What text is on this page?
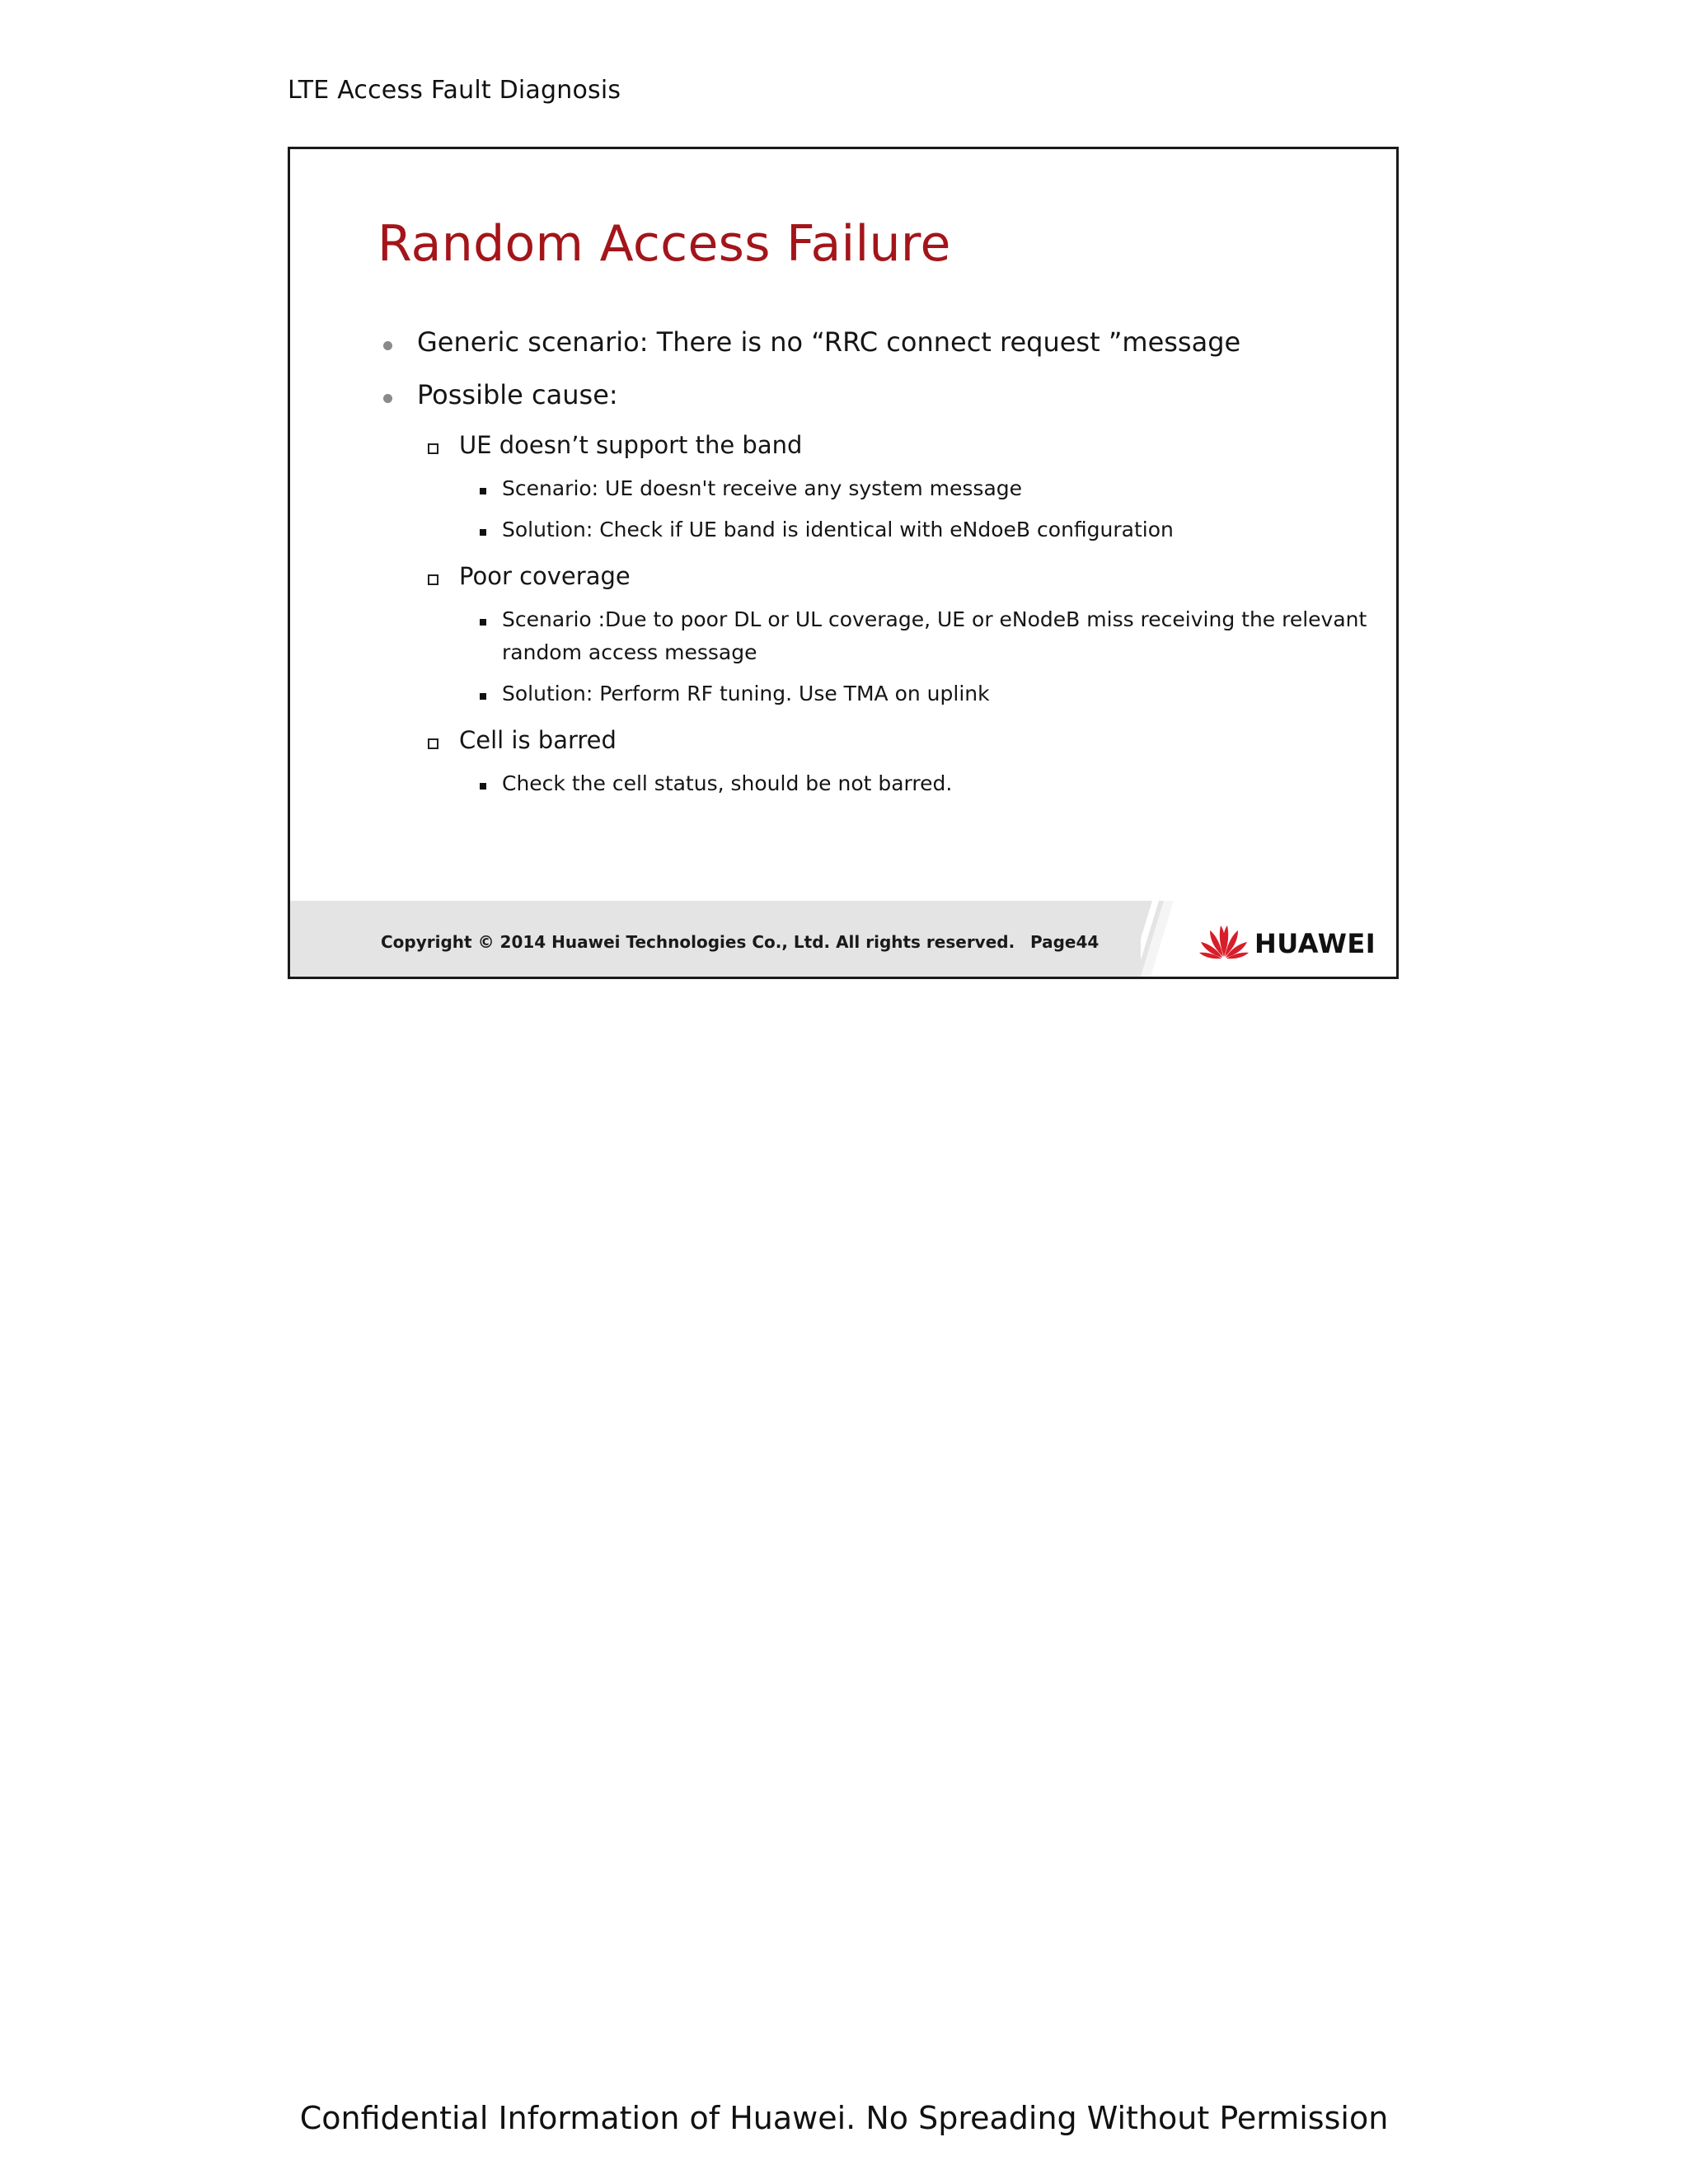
LTE Access Fault Diagnosis
Random Access Failure
Generic scenario: There is no “RRC connect request ”message
Possible cause:
UE doesn’t support the band
Scenario: UE doesn't receive any system message
Solution: Check if UE band is identical with eNdoeB configuration
Poor coverage
Scenario :Due to poor DL or UL coverage, UE or eNodeB miss receiving the relevant
random access message
Solution: Perform RF tuning. Use TMA on uplink
Cell is barred
Check the cell status, should be not barred.
Copyright © 2014 Huawei Technologies Co., Ltd. All rights reserved. Page44	HUAWEI
Confidential Information of Huawei. No Spreading Without Permission
